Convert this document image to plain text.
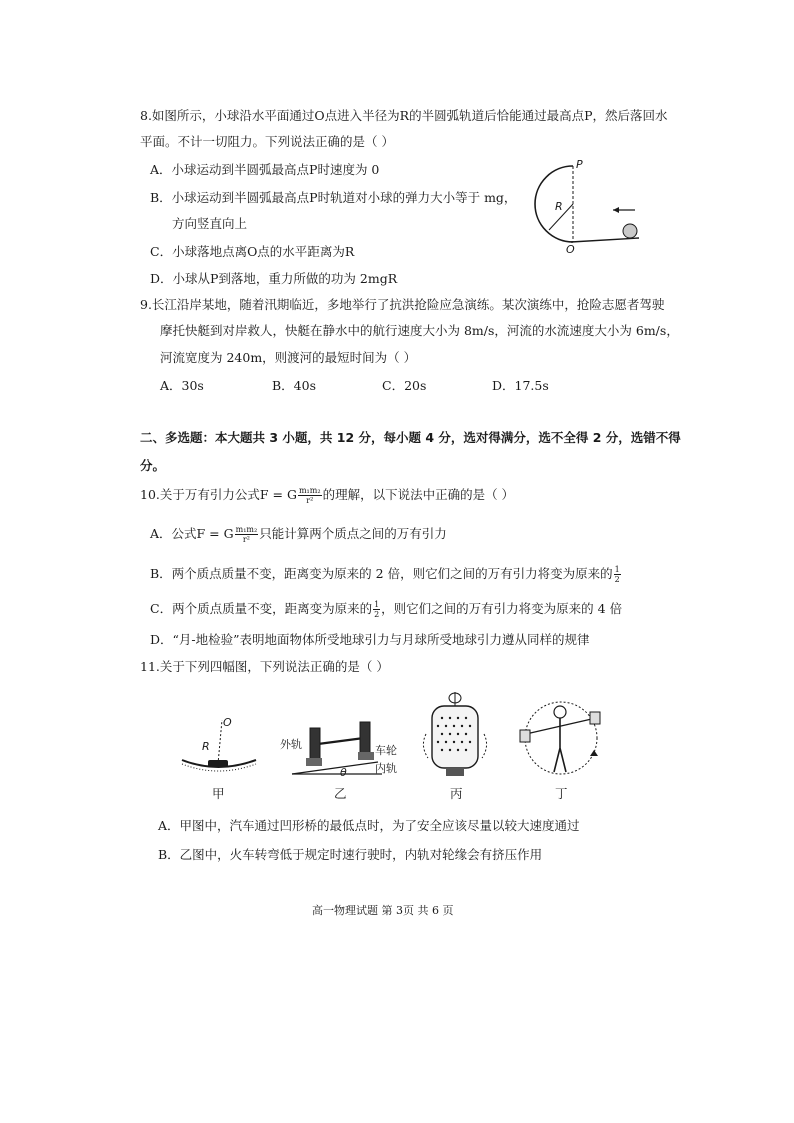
8.如图所示，小球沿水平面通过O点进入半径为R的半圆弧轨道后恰能通过最高点P，然后落回水
平面。不计一切阻力。下列说法正确的是（ ）
A．小球运动到半圆弧最高点P时速度为 0
B．小球运动到半圆弧最高点P时轨道对小球的弹力大小等于 mg，
方向竖直向上
C．小球落地点离O点的水平距离为R
D．小球从P到落地，重力所做的功为 2mgR
P
R
O
9.长江沿岸某地，随着汛期临近，多地举行了抗洪抢险应急演练。某次演练中，抢险志愿者驾驶
摩托快艇到对岸救人，快艇在静水中的航行速度大小为 8m/s，河流的水流速度大小为 6m/s，
河流宽度为 240m，则渡河的最短时间为（ ）
A．30s	B．40s	C．20s	D．17.5s
二、多选题：本大题共 3 小题，共 12 分，每小题 4 分，选对得满分，选不全得 2 分，选错不得
分。
10.关于万有引力公式F = G $\frac{\text{m₁m₂}}{\text{r²}}$ 的理解，以下说法中正确的是（ ）
A．公式F = G $\frac{\text{m₁m₂}}{\text{r²}}$ 只能计算两个质点之间的万有引力
B．两个质点质量不变，距离变为原来的 2 倍，则它们之间的万有引力将变为原来的 $\frac{1}{2}$
C．两个质点质量不变，距离变为原来的 $\frac{1}{2}$ ，则它们之间的万有引力将变为原来的 4 倍
D．“月-地检验”表明地面物体所受地球引力与月球所受地球引力遵从同样的规律
11.关于下列四幅图，下列说法正确的是（ ）
O
R
甲
外轨	车轮
内轨
θ
乙	丙	丁
A．甲图中，汽车通过凹形桥的最低点时，为了安全应该尽量以较大速度通过
B．乙图中，火车转弯低于规定时速行驶时，内轨对轮缘会有挤压作用
高一物理试题 第 3页 共 6 页
